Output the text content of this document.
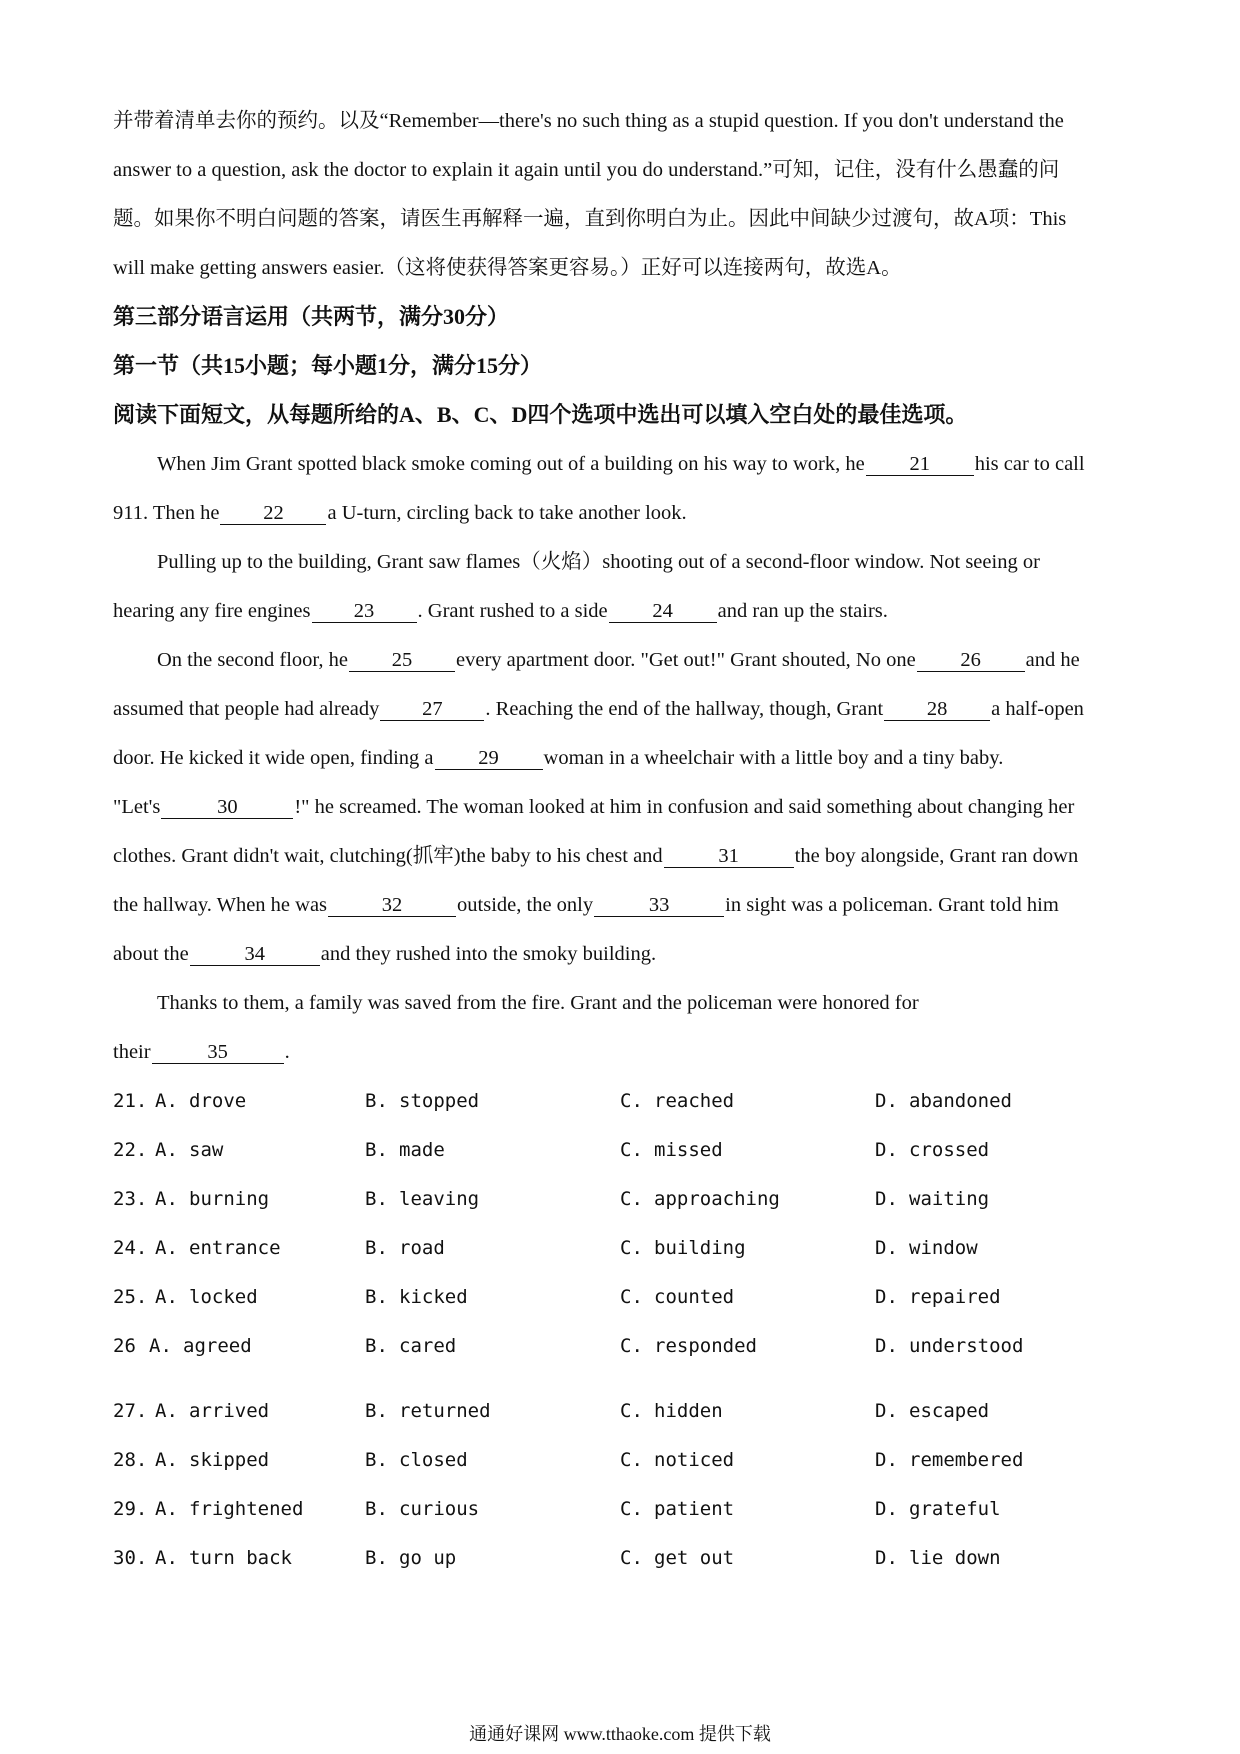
并带着清单去你的预约。以及“Remember—there's no such thing as a stupid question. If you don't understand the
answer to a question, ask the doctor to explain it again until you do understand.”可知，记住，没有什么愚蠢的问
题。如果你不明白问题的答案，请医生再解释一遍，直到你明白为止。因此中间缺少过渡句，故A项：This
will make getting answers easier.（这将使获得答案更容易。）正好可以连接两句，故选A。
第三部分语言运用（共两节，满分30分）
第一节（共15小题；每小题1分，满分15分）
阅读下面短文，从每题所给的A、B、C、D四个选项中选出可以填入空白处的最佳选项。
When Jim Grant spotted black smoke coming out of a building on his way to work, he 21 his car to call
911. Then he 22 a U-turn, circling back to take another look.
Pulling up to the building, Grant saw flames（火焰）shooting out of a second-floor window. Not seeing or
hearing any fire engines 23 . Grant rushed to a side 24 and ran up the stairs.
On the second floor, he 25 every apartment door. "Get out!" Grant shouted, No one 26 and he
assumed that people had already 27 . Reaching the end of the hallway, though, Grant 28 a half-open
door. He kicked it wide open, finding a 29 woman in a wheelchair with a little boy and a tiny baby.
"Let's	30	!" he screamed. The woman looked at him in confusion and said something about changing her
clothes. Grant didn't wait, clutching(抓牢)the baby to his chest and	31	the boy alongside, Grant ran down
the hallway. When he was	32	outside, the only	33	in sight was a policeman. Grant told him
about the	34	and they rushed into the smoky building.
Thanks to them, a family was saved from the fire. Grant and the policeman were honored for
their	35	.
21. A. drove	B. stopped	C. reached	D. abandoned
22. A. saw	B. made	C. missed	D. crossed
23. A. burning	B. leaving	C. approaching	D. waiting
24. A. entrance	B. road	C. building	D. window
25. A. locked	B. kicked	C. counted	D. repaired
26 A. agreed	B. cared	C. responded	D. understood
27. A. arrived	B. returned	C. hidden	D. escaped
28. A. skipped	B. closed	C. noticed	D. remembered
29. A. frightened	B. curious	C. patient	D. grateful
30. A. turn back	B. go up	C. get out	D. lie down
通通好课网 www.tthaoke.com 提供下载
